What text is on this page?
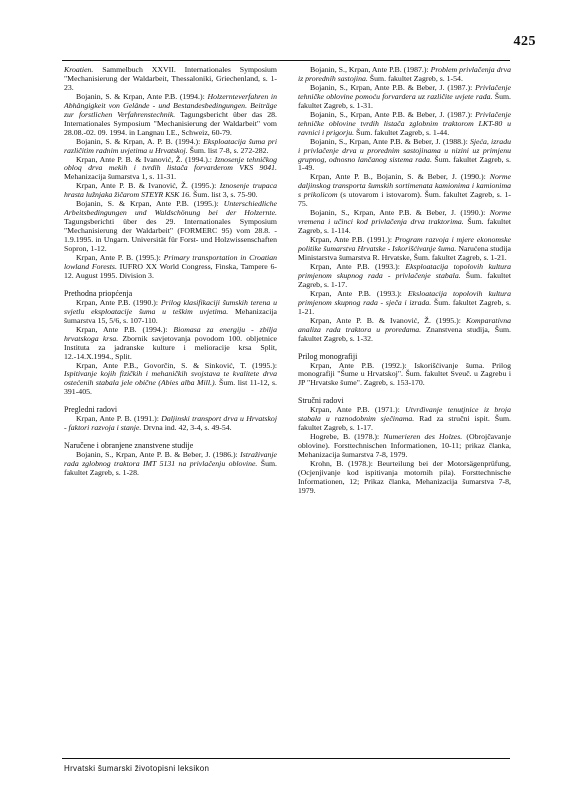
425
Kroatien. Sammelbuch XXVII. Internationales Symposium "Mechanisierung der Waldarbeit, Thessaloniki, Griechenland, s. 1-23.
Bojanin, S. & Krpan, Ante P.B. (1994.): Holzernteverfahren in Abhängigkeit von Gelände - und Bestandesbedingungen. Beiträge zur forstlichen Verfahrenstechnik. Tagungsbericht über das 28. Internationales Symposium "Mechanisierung der Waldarbeit" vom 28.08.-02. 09. 1994. in Langnau I.E., Schweiz, 60-79.
Bojanin, S. & Krpan, A. P. B. (1994.): Eksploatacija šuma pri različitim radnim uvjetima u Hrvatskoj. Šum. list 7-8, s. 272-282.
Krpan, Ante P. B. & Ivanović, Ž. (1994.).: Iznosenje tehničkog obloq drva mekih i tvrdih listača forvarderom VKS 9041. Mehanizacija šumarstva 1, s. 11-31.
Krpan, Ante P. B. & Ivanović, Ž. (1995.): Iznosenje trupaca hrasta lužnjaka žičarom STEYR KSK 16. Šum. list 3, s. 75-90.
Bojanin, S. & Krpan, Ante P.B. (1995.): Unterschiedliche Arbeitsbedingungen und Waldschönung bei der Holzernte. Tagungsberichti über des 29. Internationales Symposium "Mechanisierung der Waldarbeit" (FORMERC 95) vom 28.8. - 1.9.1995. in Ungarn. Universität für Forst- und Holzwissenschaften Sopron, 1-12.
Krpan, Ante P. B. (1995.): Primary transportation in Croatian lowland Forests. IUFRO XX World Congress, Finska, Tampere 6-12. August 1995. Division 3.
Prethodna priopćenja
Krpan, Ante P.B. (1990.): Prilog klasifikaciji šumskih terena u svjetlu eksploatacije šuma u teškim uvjetima. Mehanizacija šumarstva 15, 5/6, s. 107-110.
Krpan, Ante P.B. (1994.): Biomasa za energiju - zbilja hrvatskoga krsa. Zbornik savjetovanja povodom 100. obljetnice Instituta za jadranske kulture i melioracije krsa Split, 12.-14.X.1994., Split.
Krpan, Ante P.B., Govorčin, S. & Sinković, T. (1995.): Ispitivanje kojih fizičkih i mehaničkih svojstava te kvalitete drva ostećenih stabala jele obične (Abies alba Mill.). Šum. list 11-12, s. 391-405.
Pregledni radovi
Krpan, Ante P. B. (1991.): Daljinski transport drva u Hrvatskoj - faktori razvoja i stanje. Drvna ind. 42, 3-4, s. 49-54.
Naručene i obranjene znanstvene studije
Bojanin, S., Krpan, Ante P. B. & Beber, J. (1986.): Istraživanje rada zglobnog traktora IMT 5131 na privlačenju oblovine. Šum. fakultet Zagreb, s. 1-28.
Bojanin, S., Krpan, Ante P.B. (1987.): Problem privlačenja drva iz proredníh sastojina. Šum. fakultet Zagreb, s. 1-54.
Bojanin, S., Krpan, Ante P.B. & Beber, J. (1987.): Privlačenje tehničke oblovine pomoću forvardera uz različite uvjete rada. Šum. fakultet Zagreb, s. 1-31.
Bojanin, S., Krpan, Ante P.B. & Beber, J. (1987.): Privlačenje tehničke oblovine tvrdih listača zglobnim traktorom LKT-80 u ravnici i prigorju. Šum. fakultet Zagreb, s. 1-44.
Bojanin, S., Krpan, Ante P.B. & Beber, J. (1988.): Sjeća, izradu i privlačenje drva u prorednim sastojinama u nizini uz primjenu grupnog, odnosno lančanog sistema rada. Šum. fakultet Zagreb, s. 1-49.
Krpan, Ante P. B., Bojanin, S. & Beber, J. (1990.): Norme daljinskog transporta šumskih sortimenata kamionima i kamionima s prikolicom (s utovarom i istovarom). Šum. fakultet Zagreb, s. 1-75.
Bojanin, S., Krpan, Ante P.B. & Beber, J. (1990.): Norme vremena i učinci kod privlačenja drva traktorima. Šum. fakultet Zagreb, s. 1-114.
Krpan, Ante P.B. (1991.): Program razvoja i mjere ekonomske politike šumarstva Hrvatske - Iskorišćivanje šuma. Narućena studija Ministarstva šumarstva R. Hrvatske, Šum. fakultet Zagreb, s. 1-21.
Krpan, Ante P.B. (1993.): Eksploatacija topolovih kultura primjenom skupnog rada - privlačenje stabala. Šum. fakultet Zagreb, s. 1-17.
Krpan, Ante P.B. (1993.): Eksloatacija topolovih kultura primjenom skupnog rada - sječa i izrada. Šum. fakultet Zagreb, s. 1-21.
Krpan, Ante P. B. & Ivanović, Ž. (1995.): Komparativna analiza rada traktora u proredama. Znanstvena studija, Šum. fakultet Zagreb, s. 1-32.
Prilog monografiji
Krpan, Ante P.B. (1992.): Iskorišćivanje šuma. Prilog monografiji "Šume u Hrvatskoj". Šum. fakultet Sveuč. u Zagrebu i JP "Hrvatske šume". Zagreb, s. 153-170.
Stručni radovi
Krpan, Ante P.B. (1971.): Utvrđivanje tenutjnice iz broja stabala u raznodobnim sječinama. Rad za stručni ispit. Šum. fakultet Zagreb, s. 1-17.
Hogrebe, B. (1978.): Numerieren des Holzes. (Obrojčavanje oblovine). Forsttechnischen Informationen, 10-11; prikaz članka, Mehanizacija šumarstva 7-8, 1979.
Krohn, B. (1978.): Beurteilung bei der Motorsägenprüfung, (Ocjenjivanje kod ispitivanja motornih pila). Forsttechnische Informationen, 12; Prikaz članka, Mehanizacija šumarstva 7-8, 1979.
Hrvatski šumarski životopisni leksikon
